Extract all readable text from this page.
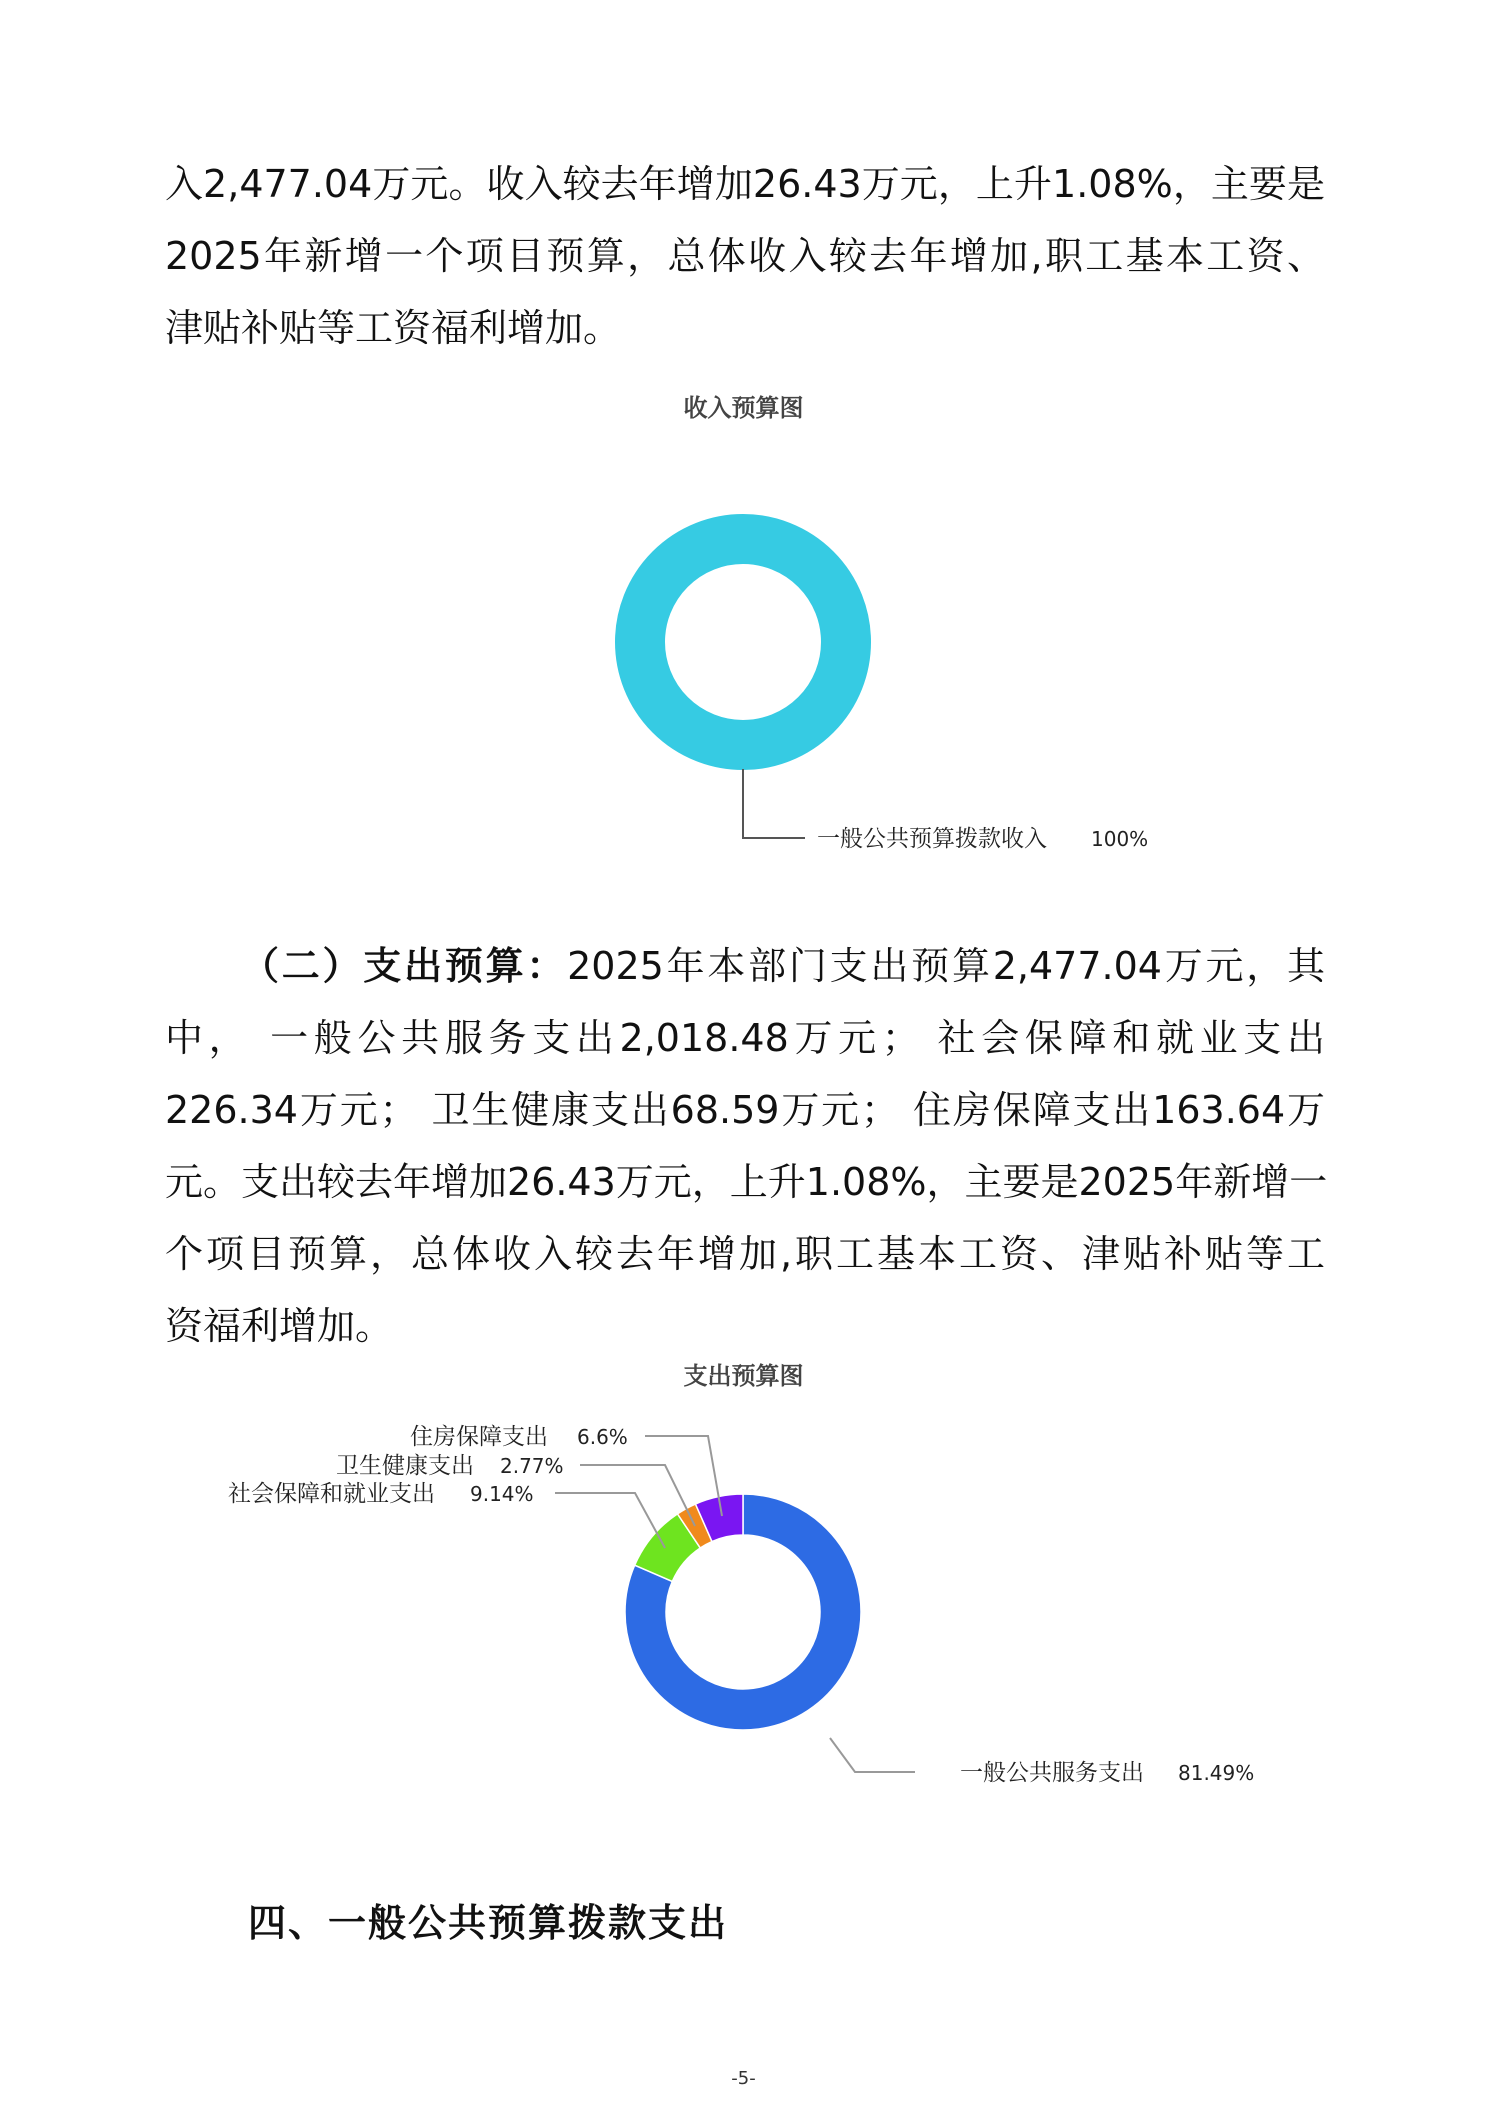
入2,477.04万元。收入较去年增加26.43万元，上升1.08%，主要是
2025年新增一个项目预算，总体收入较去年增加,职工基本工资、
津贴补贴等工资福利增加。
收入预算图
一般公共预算拨款收入 100%
（二）支出预算：2025年本部门支出预算2,477.04万元，其
中， 一般公共服务支出2,018.48万元； 社会保障和就业支出
226.34万元； 卫生健康支出68.59万元； 住房保障支出163.64万
元。支出较去年增加26.43万元，上升1.08%，主要是2025年新增一
个项目预算，总体收入较去年增加,职工基本工资、津贴补贴等工
资福利增加。
支出预算图
一般公共服务支出 81.49%
社会保障和就业支出 9.14%
卫生健康支出 2.77%
住房保障支出 6.6%
四、一般公共预算拨款支出
-5-
